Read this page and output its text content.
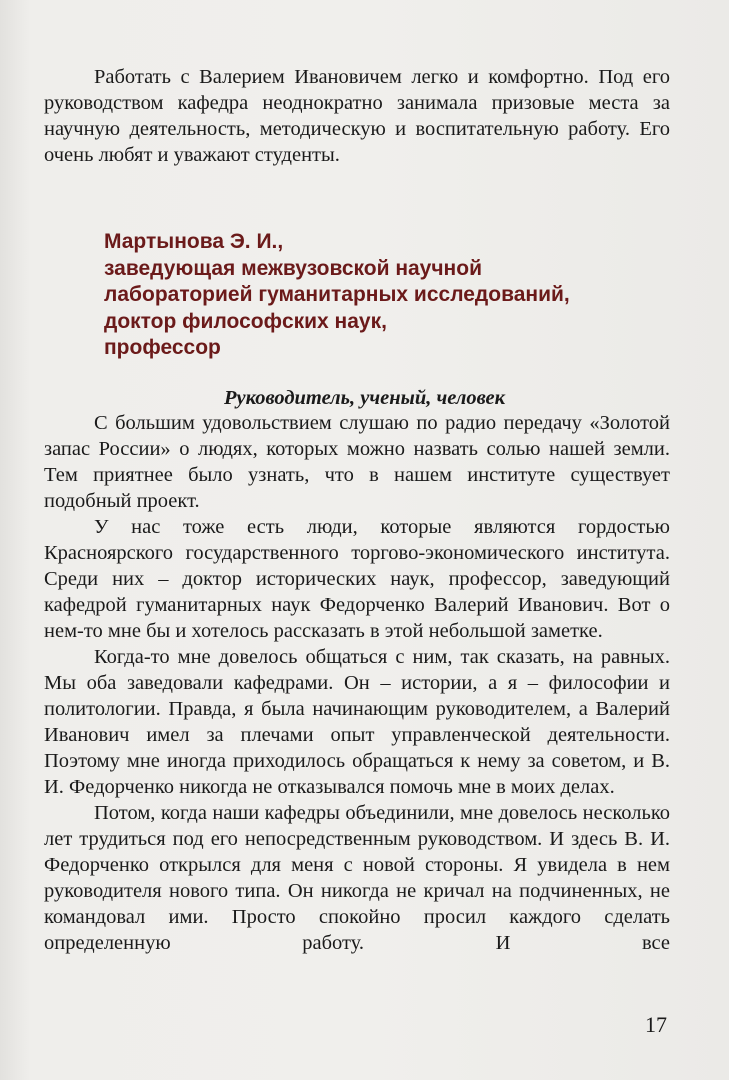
Работать с Валерием Ивановичем легко и комфортно. Под его руководством кафедра неоднократно занимала призовые места за научную деятельность, методическую и воспитательную работу. Его очень любят и уважают студенты.

Мартынова Э. И.,
заведующая межвузовской научной
лабораторией гуманитарных исследований,
доктор философских наук,
профессор
Руководитель, ученый, человек

С большим удовольствием слушаю по радио передачу «Золотой запас России» о людях, которых можно назвать солью нашей земли. Тем приятнее было узнать, что в нашем институте существует подобный проект.

У нас тоже есть люди, которые являются гордостью Красноярского государственного торгово-экономического института. Среди них – доктор исторических наук, профессор, заведующий кафедрой гуманитарных наук Федорченко Валерий Иванович. Вот о нем-то мне бы и хотелось рассказать в этой небольшой заметке.

Когда-то мне довелось общаться с ним, так сказать, на равных. Мы оба заведовали кафедрами. Он – истории, а я – философии и политологии. Правда, я была начинающим руководителем, а Валерий Иванович имел за плечами опыт управленческой деятельности. Поэтому мне иногда приходилось обращаться к нему за советом, и В. И. Федорченко никогда не отказывался помочь мне в моих делах.

Потом, когда наши кафедры объединили, мне довелось несколько лет трудиться под его непосредственным руководством. И здесь В. И. Федорченко открылся для меня с новой стороны. Я увидела в нем руководителя нового типа. Он никогда не кричал на подчиненных, не командовал ими. Просто спокойно просил каждого сделать определенную работу. И все

17
